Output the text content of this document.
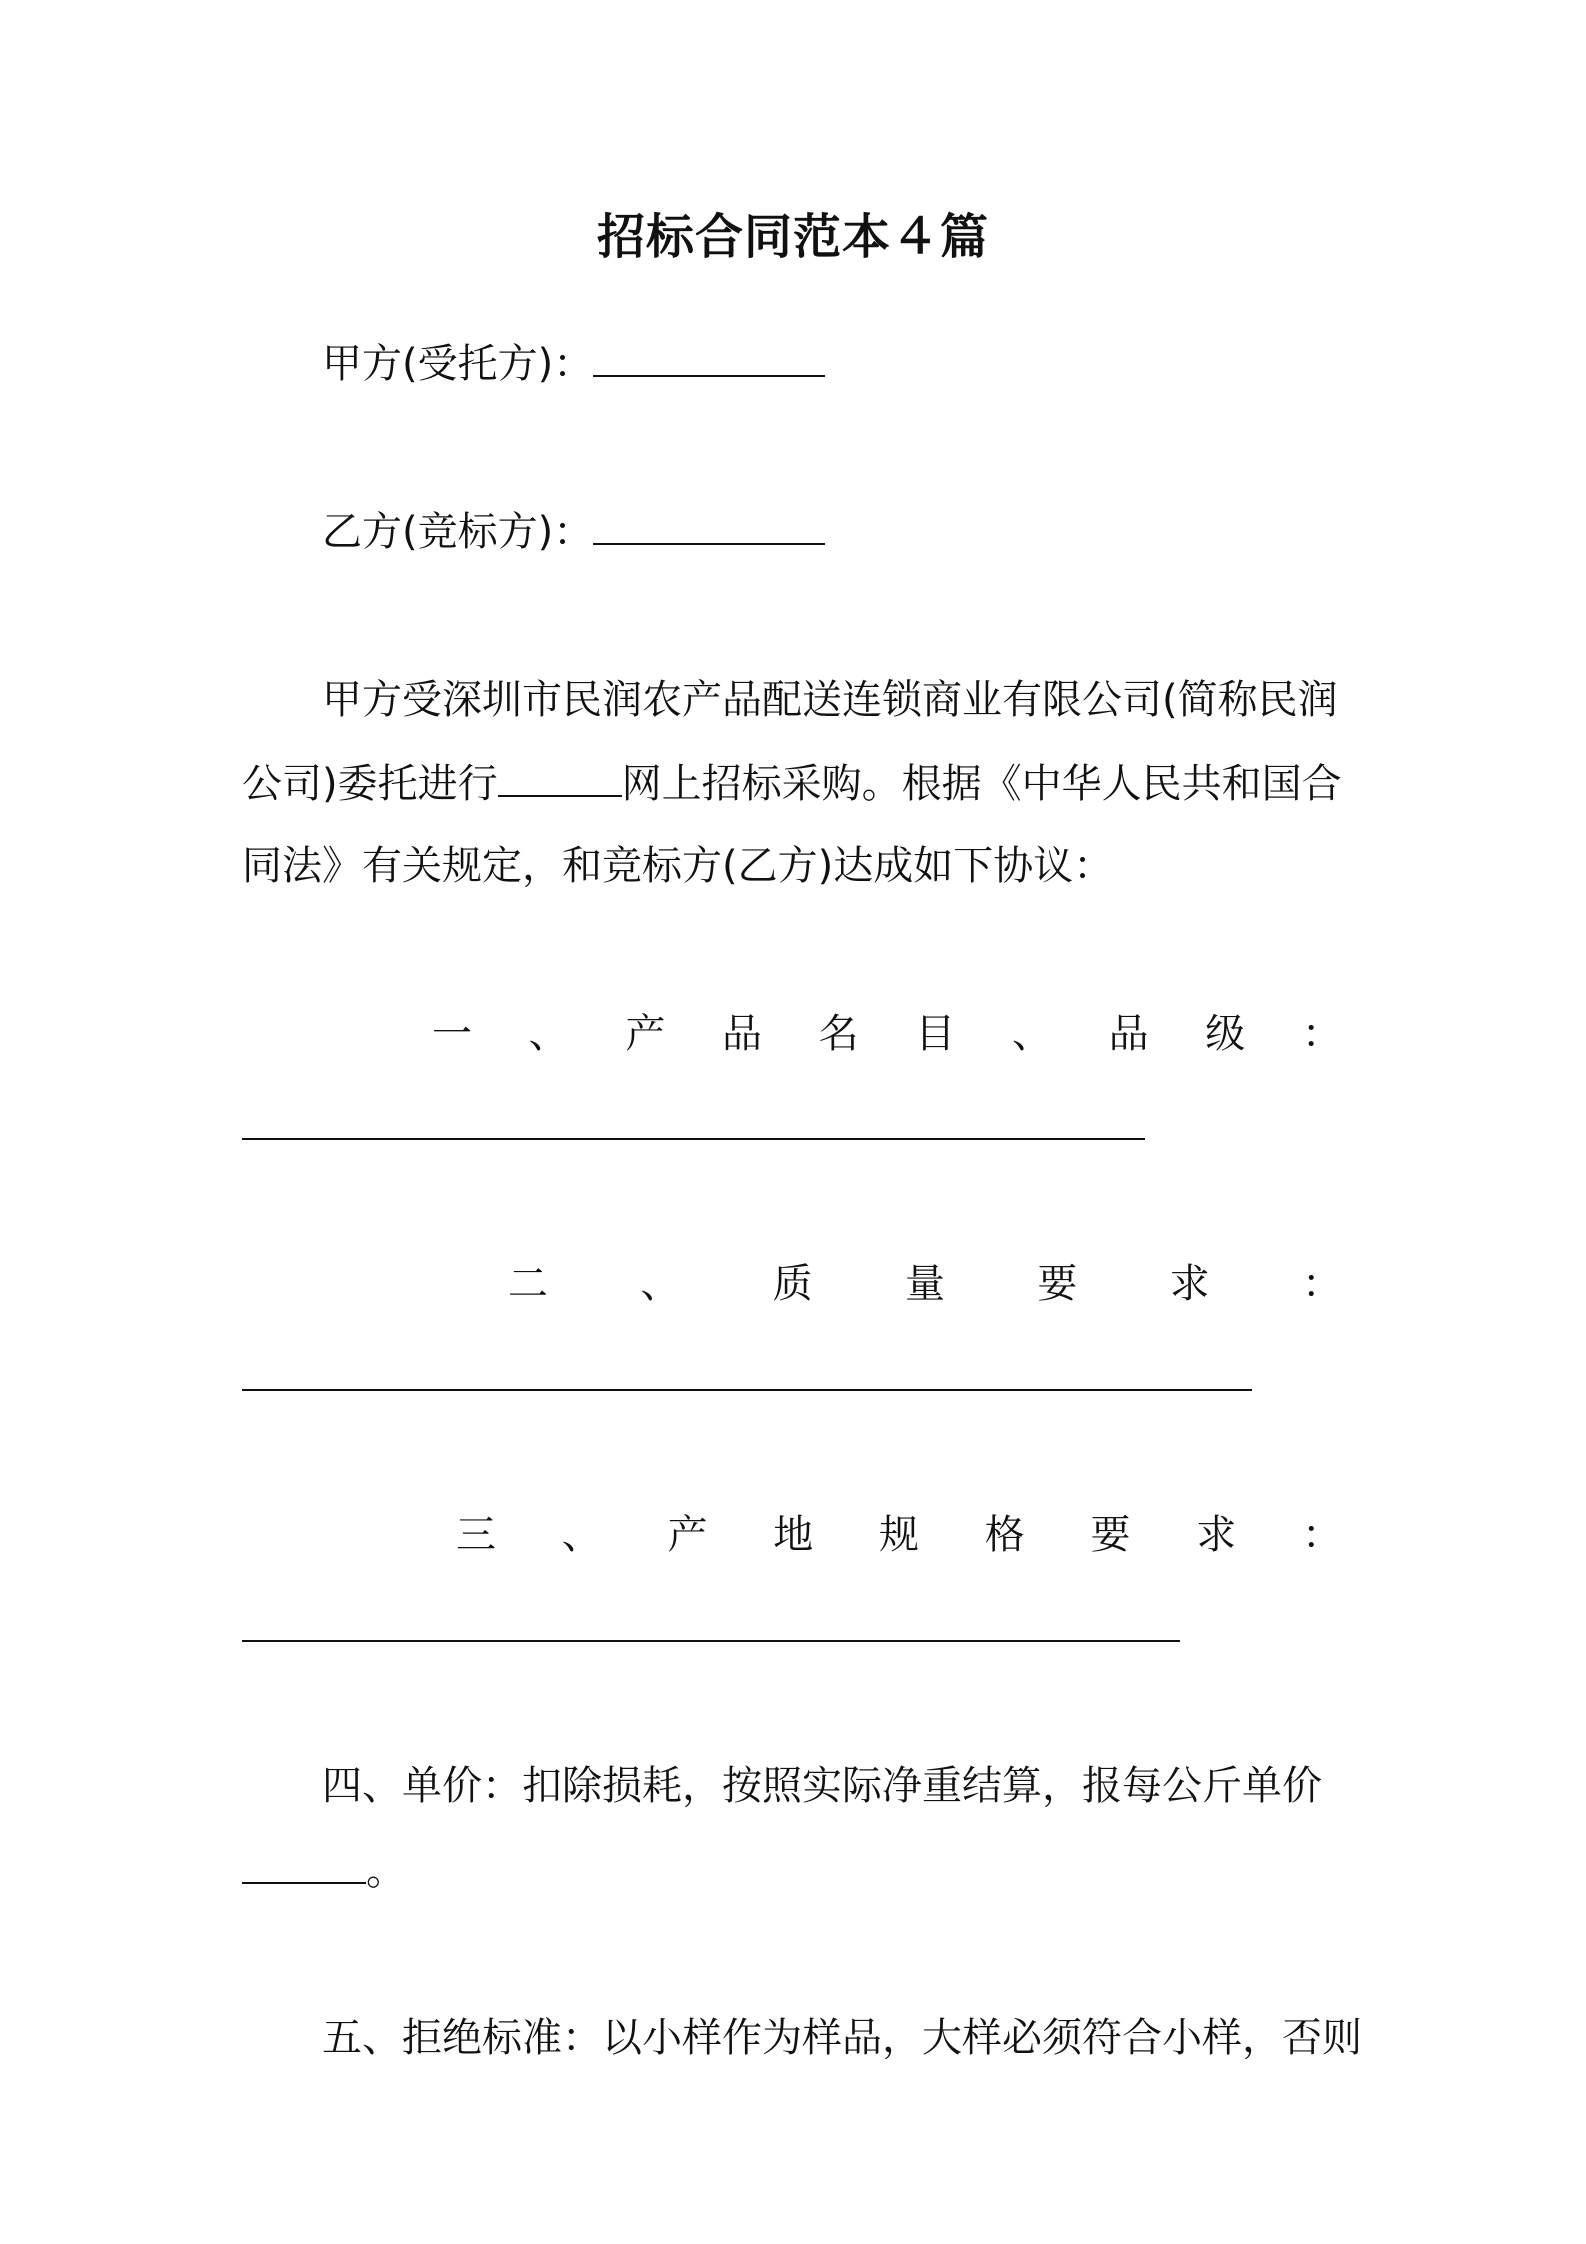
招标合同范本４篇
甲方(受托方)：
乙方(竞标方)：
甲方受深圳市民润农产品配送连锁商业有限公司(简称民润
公司)委托进行	网上招标采购。根据《中华人民共和国合
同法》有关规定，和竞标方(乙方)达成如下协议：
一 、 产 品 名 目 、 品 级 ：
二 、 质 量 要 求 ：
三 、 产 地 规 格 要 求 ：
四、单价：扣除损耗，按照实际净重结算，报每公斤单价
。
五、拒绝标准：以小样作为样品，大样必须符合小样，否则
